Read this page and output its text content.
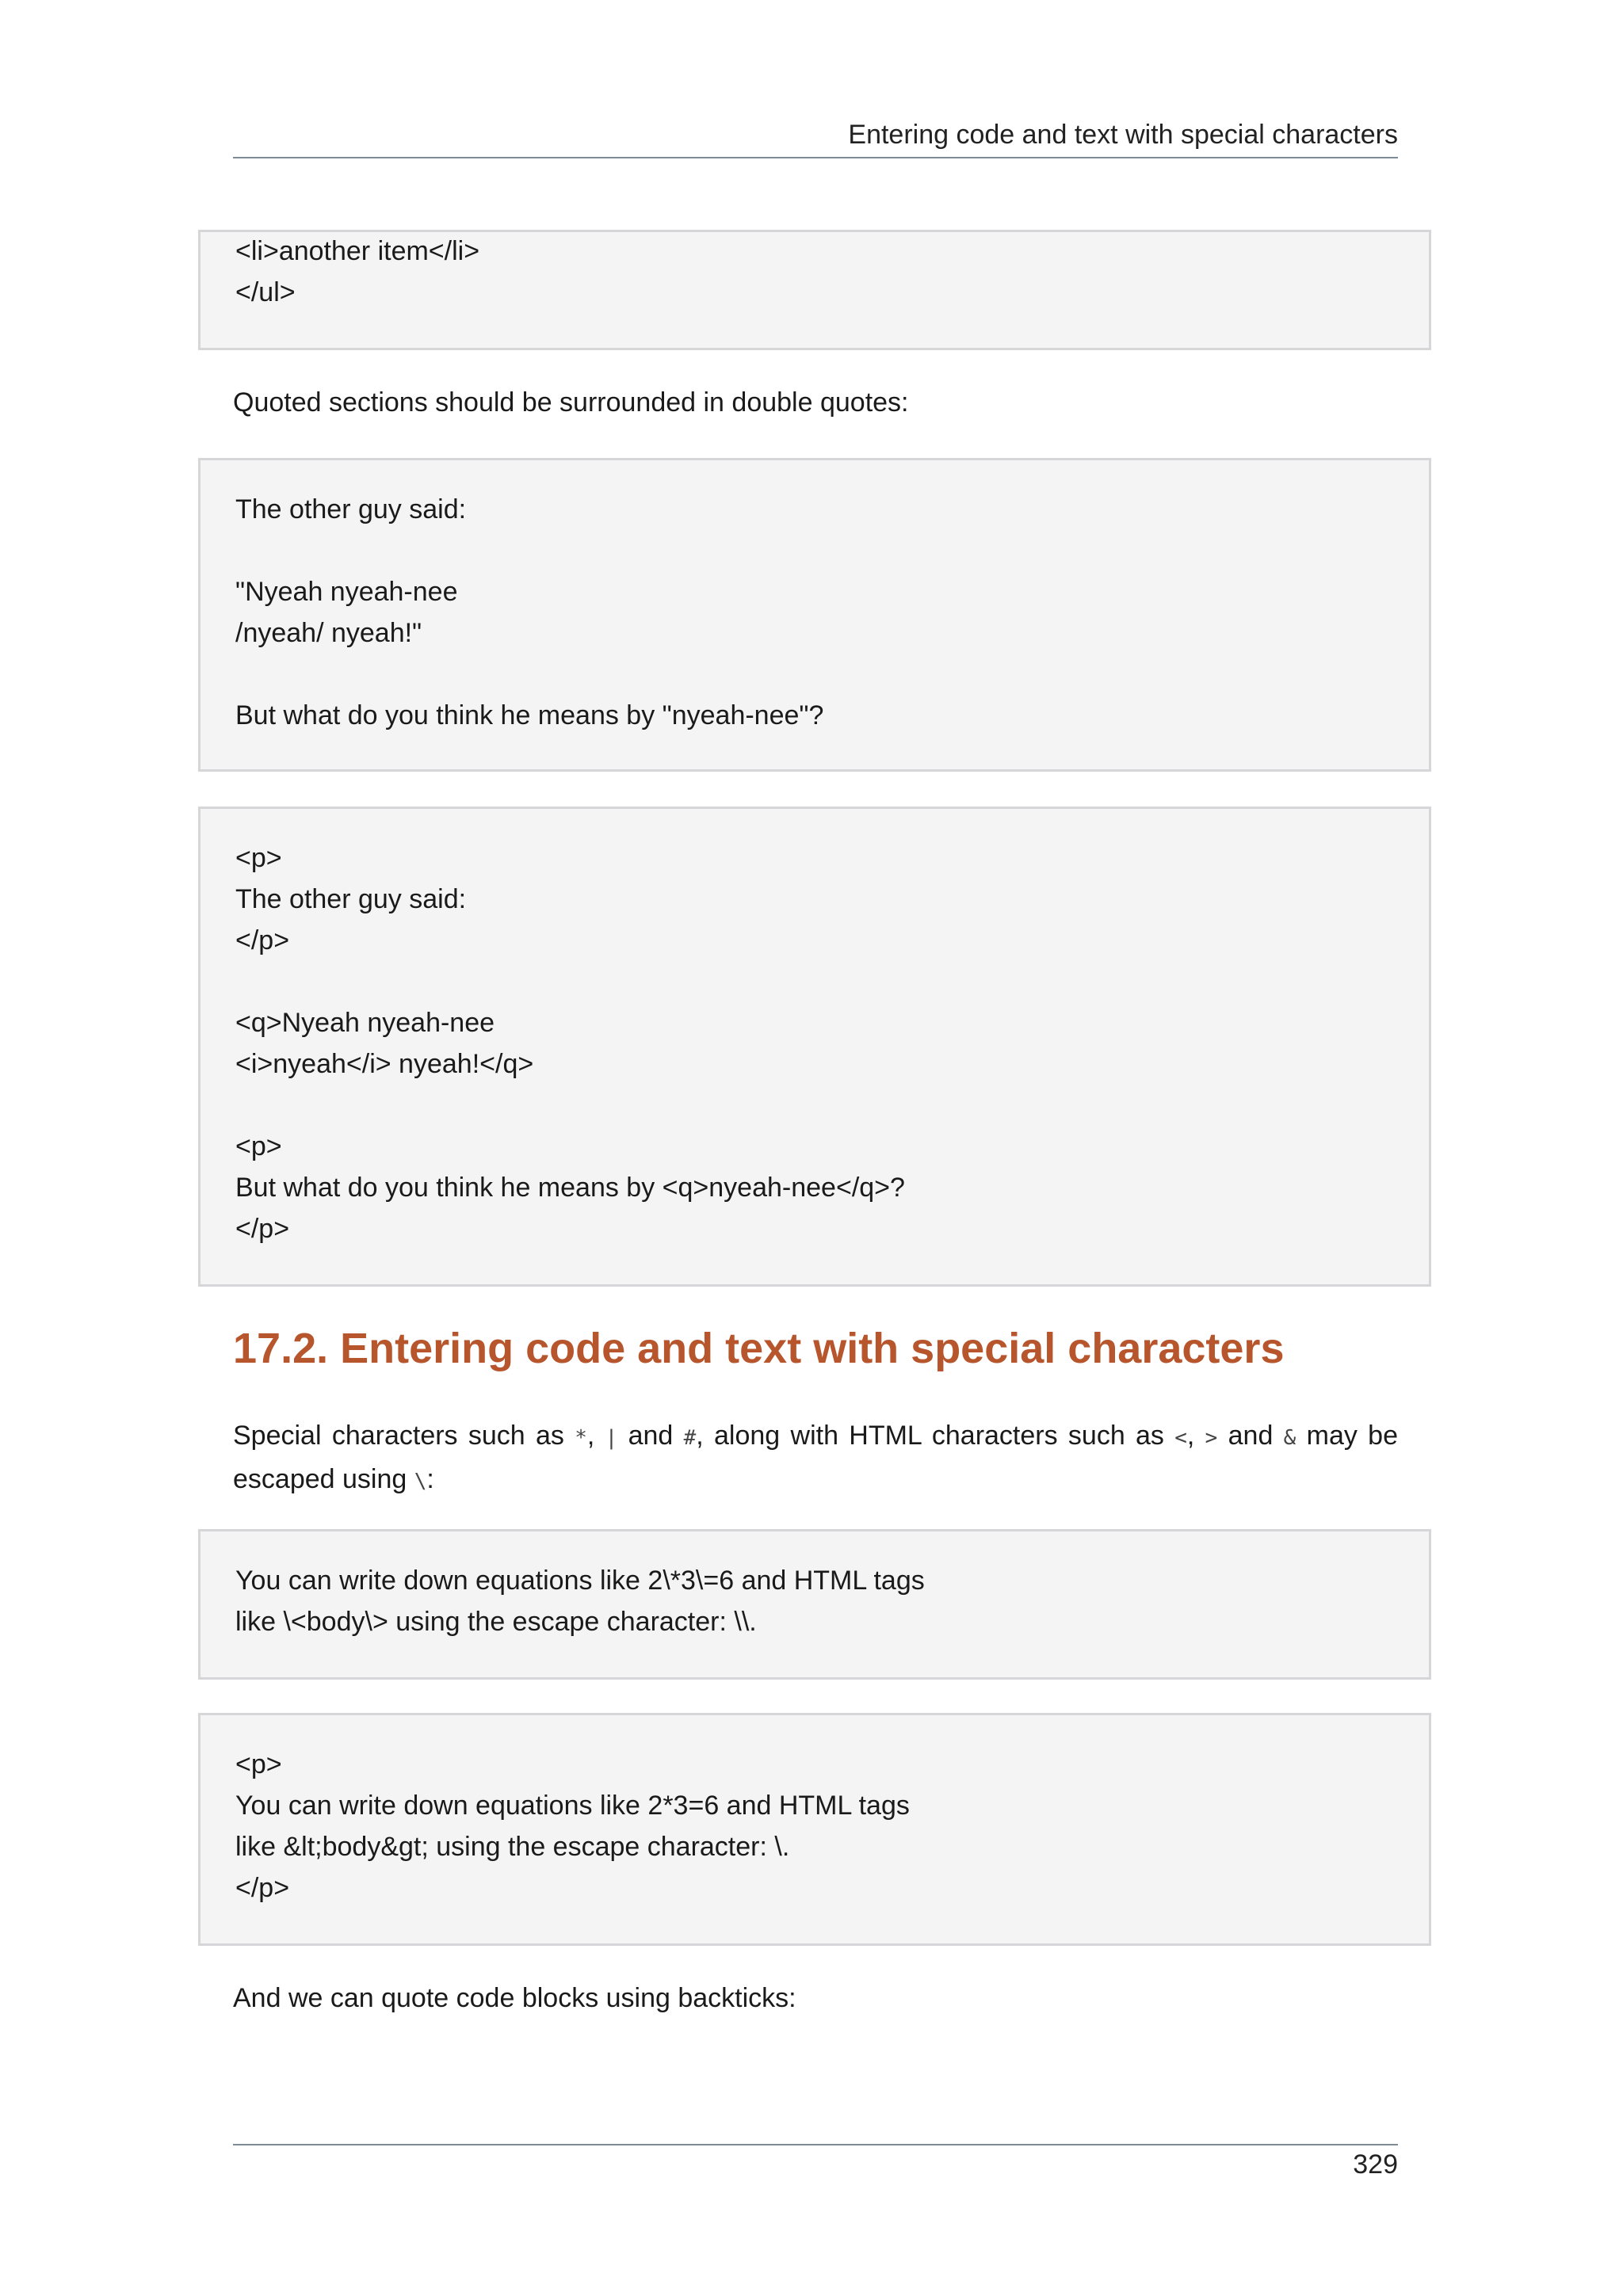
Entering code and text with special characters
<li>another item</li>
</ul>
Quoted sections should be surrounded in double quotes:
The other guy said:
"Nyeah nyeah-nee
/nyeah/ nyeah!"
But what do you think he means by "nyeah-nee"?
<p>
The other guy said:
</p>
<q>Nyeah nyeah-nee
<i>nyeah</i> nyeah!</q>
<p>
But what do you think he means by <q>nyeah-nee</q>?
</p>
17.2. Entering code and text with special characters
Special characters such as *, | and #, along with HTML characters such as <, > and & may be escaped using \:
You can write down equations like 2\*3\=6 and HTML tags
like \<body\> using the escape character: \\.
<p>
You can write down equations like 2*3=6 and HTML tags
like &lt;body&gt; using the escape character: \.
</p>
And we can quote code blocks using backticks:
329
